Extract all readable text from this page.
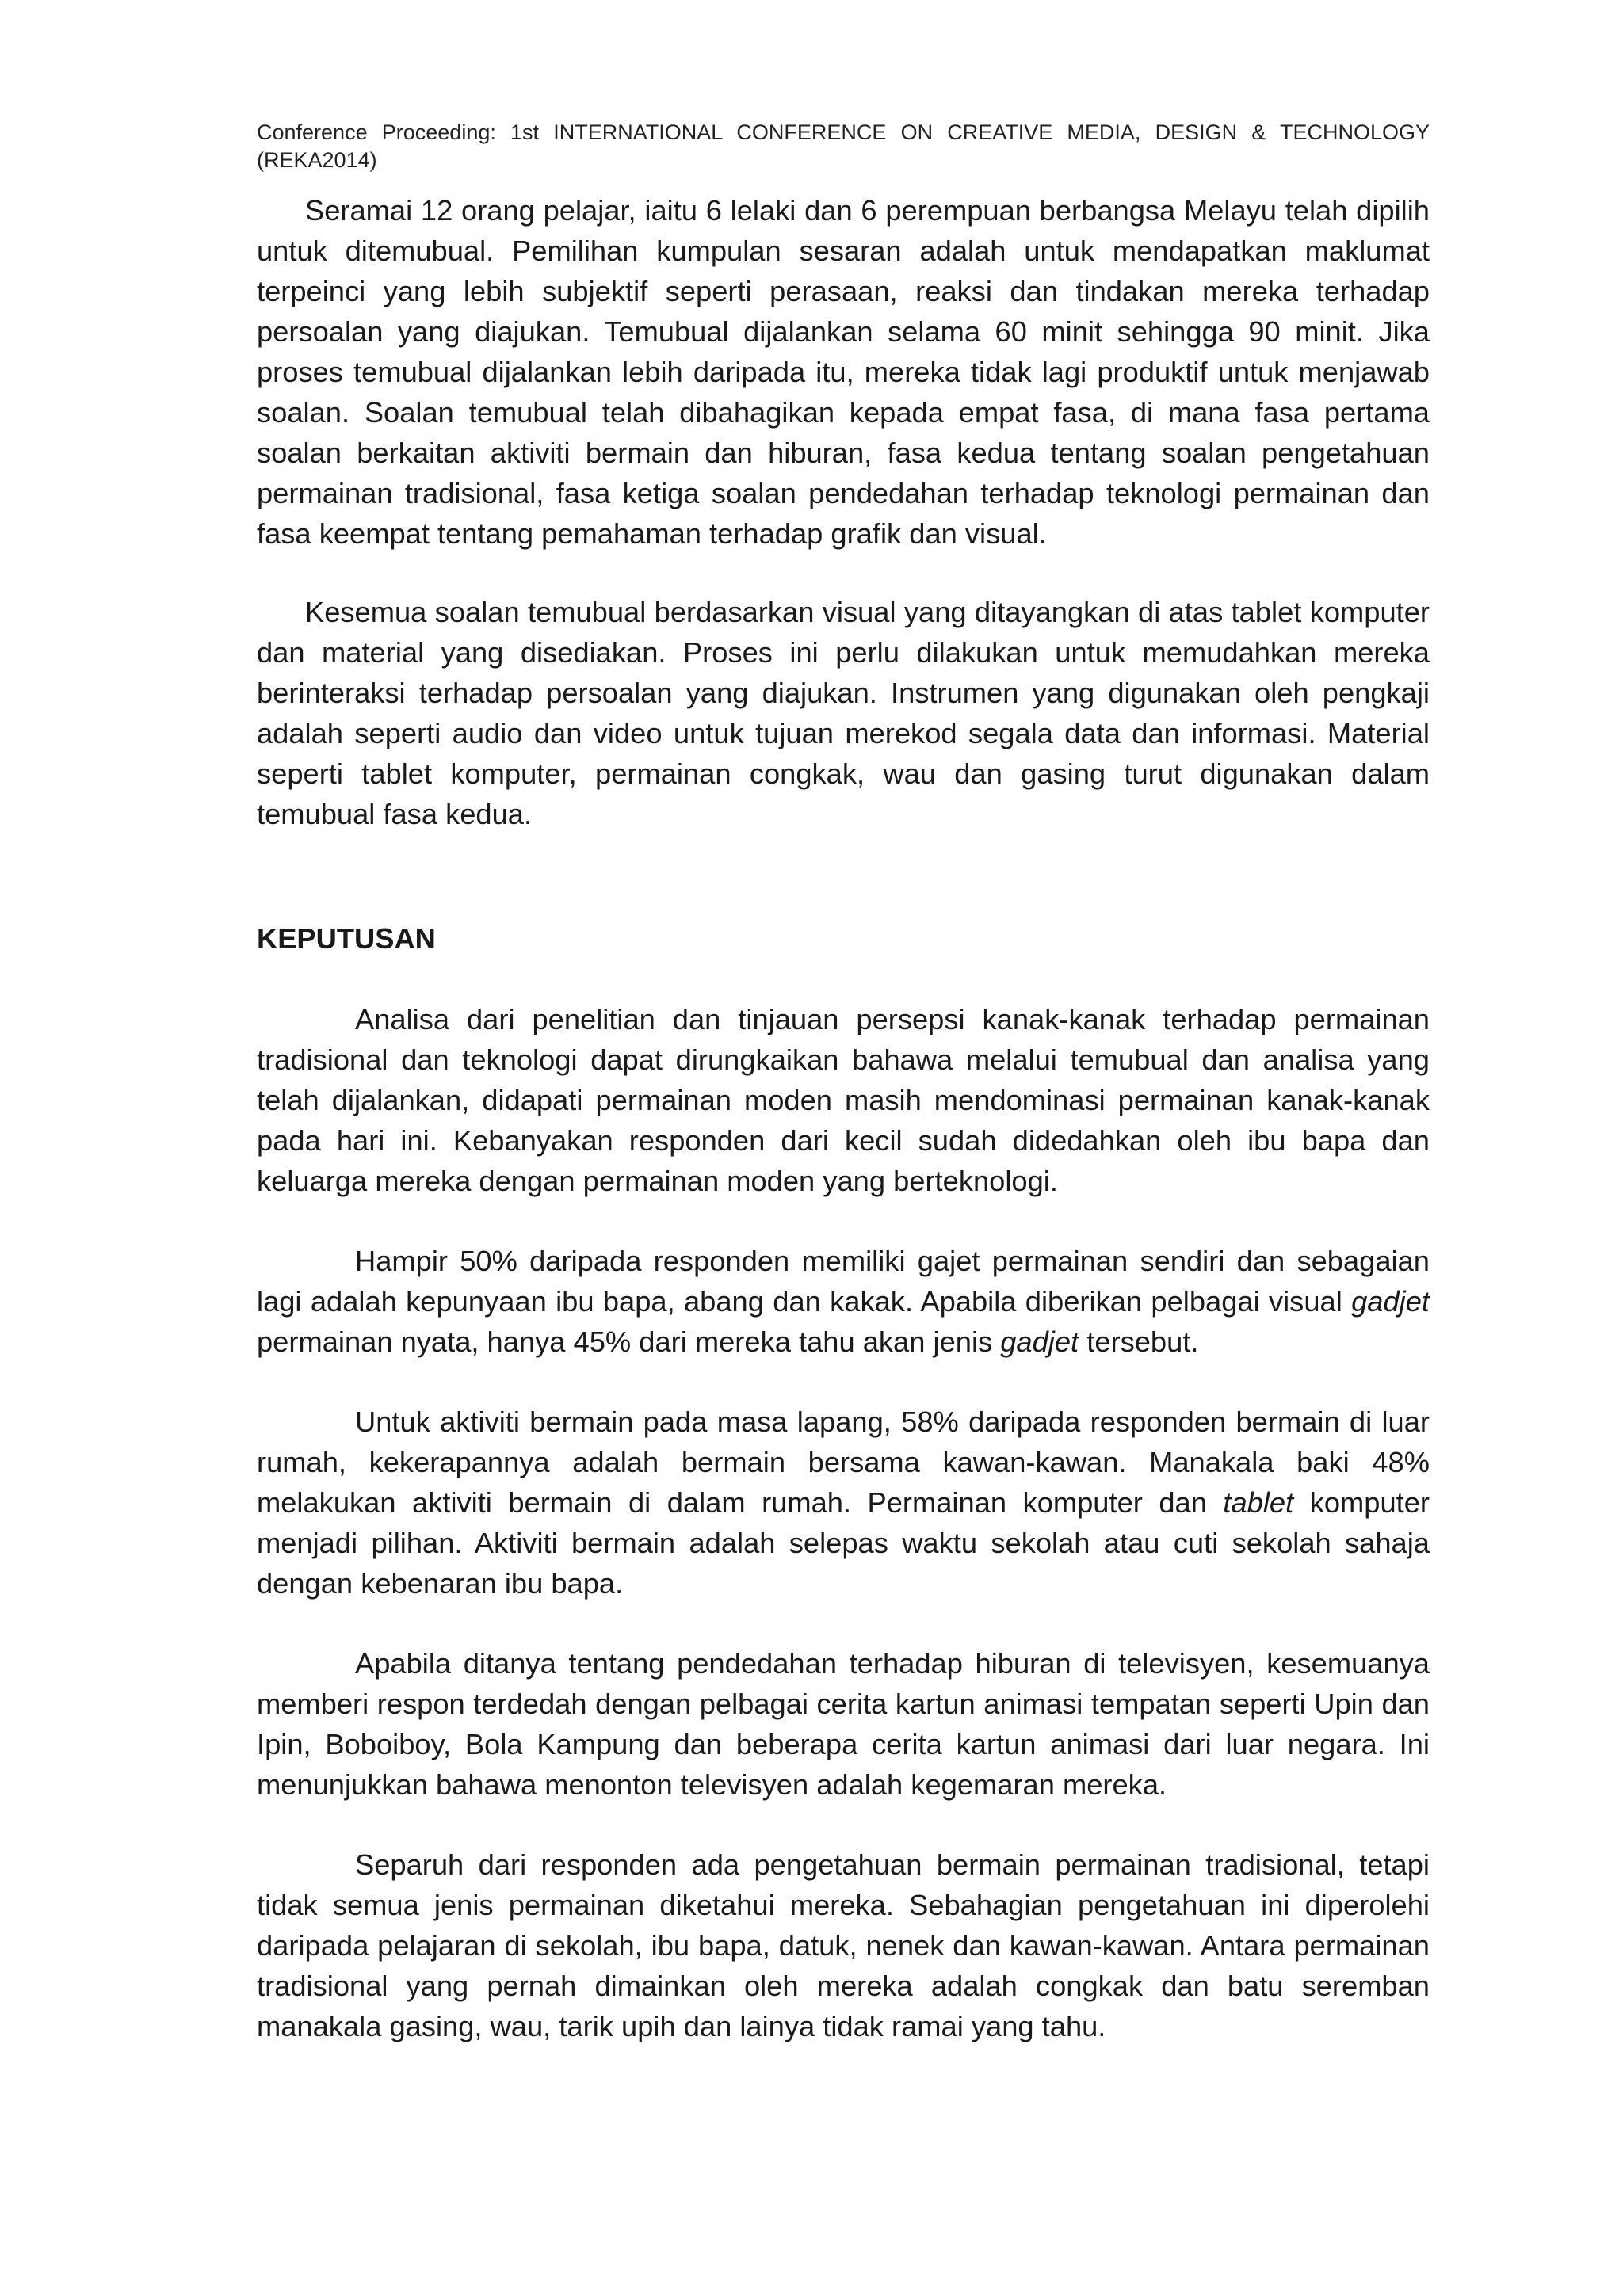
Conference Proceeding: 1st INTERNATIONAL CONFERENCE ON CREATIVE MEDIA, DESIGN & TECHNOLOGY (REKA2014)

Seramai 12 orang pelajar, iaitu 6 lelaki dan 6 perempuan berbangsa Melayu telah dipilih untuk ditemubual. Pemilihan kumpulan sesaran adalah untuk mendapatkan maklumat terpeinci yang lebih subjektif seperti perasaan, reaksi dan tindakan mereka terhadap persoalan yang diajukan. Temubual dijalankan selama 60 minit sehingga 90 minit. Jika proses temubual dijalankan lebih daripada itu, mereka tidak lagi produktif untuk menjawab soalan. Soalan temubual telah dibahagikan kepada empat fasa, di mana fasa pertama soalan berkaitan aktiviti bermain dan hiburan, fasa kedua tentang soalan pengetahuan permainan tradisional, fasa ketiga soalan pendedahan terhadap teknologi permainan dan fasa keempat tentang pemahaman terhadap grafik dan visual.

Kesemua soalan temubual berdasarkan visual yang ditayangkan di atas tablet komputer dan material yang disediakan. Proses ini perlu dilakukan untuk memudahkan mereka berinteraksi terhadap persoalan yang diajukan. Instrumen yang digunakan oleh pengkaji adalah seperti audio dan video untuk tujuan merekod segala data dan informasi. Material seperti tablet komputer, permainan congkak, wau dan gasing turut digunakan dalam temubual fasa kedua.

KEPUTUSAN

Analisa dari penelitian dan tinjauan persepsi kanak-kanak terhadap permainan tradisional dan teknologi dapat dirungkaikan bahawa melalui temubual dan analisa yang telah dijalankan, didapati permainan moden masih mendominasi permainan kanak-kanak pada hari ini. Kebanyakan responden dari kecil sudah didedahkan oleh ibu bapa dan keluarga mereka dengan permainan moden yang berteknologi.

Hampir 50% daripada responden memiliki gajet permainan sendiri dan sebagaian lagi adalah kepunyaan ibu bapa, abang dan kakak. Apabila diberikan pelbagai visual gadjet permainan nyata, hanya 45% dari mereka tahu akan jenis gadjet tersebut.

Untuk aktiviti bermain pada masa lapang, 58% daripada responden bermain di luar rumah, kekerapannya adalah bermain bersama kawan-kawan. Manakala baki 48% melakukan aktiviti bermain di dalam rumah. Permainan komputer dan tablet komputer menjadi pilihan. Aktiviti bermain adalah selepas waktu sekolah atau cuti sekolah sahaja dengan kebenaran ibu bapa.

Apabila ditanya tentang pendedahan terhadap hiburan di televisyen, kesemuanya memberi respon terdedah dengan pelbagai cerita kartun animasi tempatan seperti Upin dan Ipin, Boboiboy, Bola Kampung dan beberapa cerita kartun animasi dari luar negara. Ini menunjukkan bahawa menonton televisyen adalah kegemaran mereka.

Separuh dari responden ada pengetahuan bermain permainan tradisional, tetapi tidak semua jenis permainan diketahui mereka. Sebahagian pengetahuan ini diperolehi daripada pelajaran di sekolah, ibu bapa, datuk, nenek dan kawan-kawan. Antara permainan tradisional yang pernah dimainkan oleh mereka adalah congkak dan batu seremban manakala gasing, wau, tarik upih dan lainya tidak ramai yang tahu.
